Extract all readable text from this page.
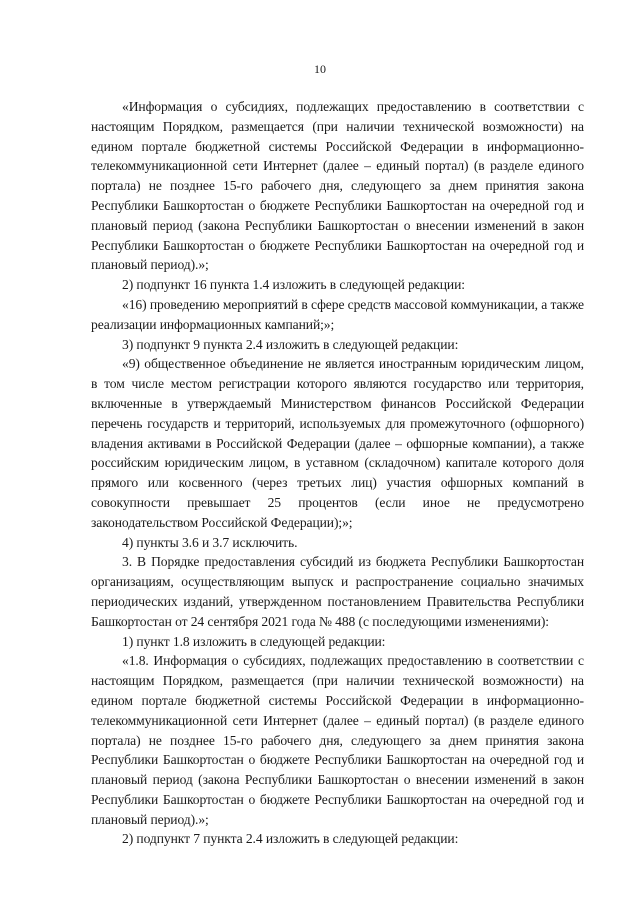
10

«Информация о субсидиях, подлежащих предоставлению в соответствии с настоящим Порядком, размещается (при наличии технической возможности) на едином портале бюджетной системы Российской Федерации в информационно-телекоммуникационной сети Интернет (далее – единый портал) (в разделе единого портала) не позднее 15-го рабочего дня, следующего за днем принятия закона Республики Башкортостан о бюджете Республики Башкортостан на очередной год и плановый период (закона Республики Башкортостан о внесении изменений в закон Республики Башкортостан о бюджете Республики Башкортостан на очередной год и плановый период).»;

2) подпункт 16 пункта 1.4 изложить в следующей редакции:

«16) проведению мероприятий в сфере средств массовой коммуникации, а также реализации информационных кампаний;»;

3) подпункт 9 пункта 2.4 изложить в следующей редакции:

«9) общественное объединение не является иностранным юридическим лицом, в том числе местом регистрации которого являются государство или территория, включенные в утверждаемый Министерством финансов Российской Федерации перечень государств и территорий, используемых для промежуточного (офшорного) владения активами в Российской Федерации (далее – офшорные компании), а также российским юридическим лицом, в уставном (складочном) капитале которого доля прямого или косвенного (через третьих лиц) участия офшорных компаний в совокупности превышает 25 процентов (если иное не предусмотрено законодательством Российской Федерации);»;

4) пункты 3.6 и 3.7 исключить.

3. В Порядке предоставления субсидий из бюджета Республики Башкортостан организациям, осуществляющим выпуск и распространение социально значимых периодических изданий, утвержденном постановлением Правительства Республики Башкортостан от 24 сентября 2021 года № 488 (с последующими изменениями):

1) пункт 1.8 изложить в следующей редакции:

«1.8. Информация о субсидиях, подлежащих предоставлению в соответствии с настоящим Порядком, размещается (при наличии технической возможности) на едином портале бюджетной системы Российской Федерации в информационно-телекоммуникационной сети Интернет (далее – единый портал) (в разделе единого портала) не позднее 15-го рабочего дня, следующего за днем принятия закона Республики Башкортостан о бюджете Республики Башкортостан на очередной год и плановый период (закона Республики Башкортостан о внесении изменений в закон Республики Башкортостан о бюджете Республики Башкортостан на очередной год и плановый период).»;

2) подпункт 7 пункта 2.4 изложить в следующей редакции:
